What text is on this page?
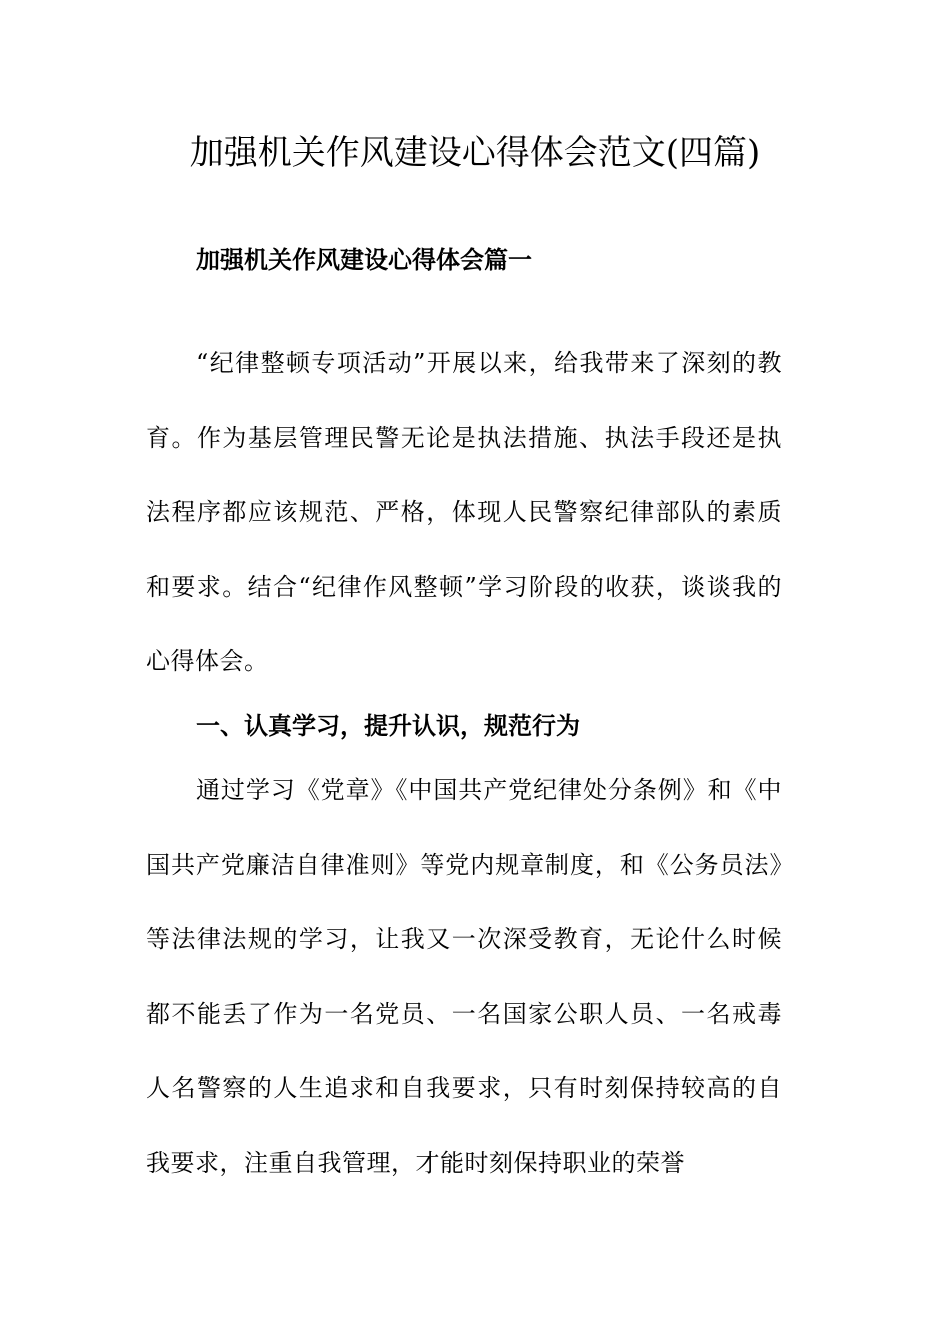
加强机关作风建设心得体会范文(四篇)
加强机关作风建设心得体会篇一

“纪律整顿专项活动”开展以来，给我带来了深刻的教育。作为基层管理民警无论是执法措施、执法手段还是执法程序都应该规范、严格，体现人民警察纪律部队的素质和要求。结合“纪律作风整顿”学习阶段的收获，谈谈我的心得体会。

一、认真学习，提升认识，规范行为

通过学习《党章》《中国共产党纪律处分条例》和《中国共产党廉洁自律准则》等党内规章制度，和《公务员法》等法律法规的学习，让我又一次深受教育，无论什么时候都不能丢了作为一名党员、一名国家公职人员、一名戒毒人名警察的人生追求和自我要求，只有时刻保持较高的自我要求，注重自我管理，才能时刻保持职业的荣誉
